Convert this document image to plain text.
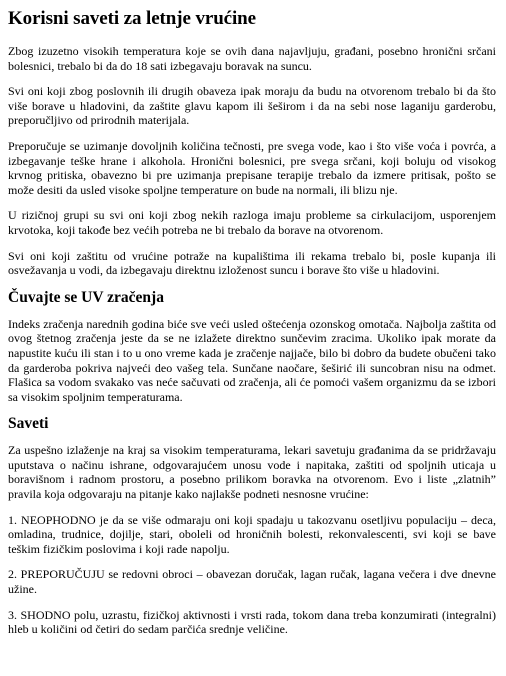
Korisni saveti za letnje vrućine

Zbog izuzetno visokih temperatura koje se ovih dana najavljuju, građani, posebno hronični srčani bolesnici, trebalo bi da do 18 sati izbegavaju boravak na suncu.

Svi oni koji zbog poslovnih ili drugih obaveza ipak moraju da budu na otvorenom trebalo bi da što više borave u hladovini, da zaštite glavu kapom ili šeširom i da na sebi nose laganiju garderobu, preporučljivo od prirodnih materijala.

Preporučuje se uzimanje dovoljnih količina tečnosti, pre svega vode, kao i što više voća i povrća, a izbegavanje teške hrane i alkohola. Hronični bolesnici, pre svega srčani, koji boluju od visokog krvnog pritiska, obavezno bi pre uzimanja prepisane terapije trebalo da izmere pritisak, pošto se može desiti da usled visoke spoljne temperature on bude na normali, ili blizu nje.

U rizičnoj grupi su svi oni koji zbog nekih razloga imaju probleme sa cirkulacijom, usporenjem krvotoka, koji takođe bez većih potreba ne bi trebalo da borave na otvorenom.

Svi oni koji zaštitu od vrućine potraže na kupalištima ili rekama trebalo bi, posle kupanja ili osvežavanja u vodi, da izbegavaju direktnu izloženost suncu i borave što više u hladovini.

Čuvajte se UV zračenja

Indeks zračenja narednih godina biće sve veći usled oštećenja ozonskog omotača. Najbolja zaštita od ovog štetnog zračenja jeste da se ne izlažete direktno sunčevim zracima. Ukoliko ipak morate da napustite kuću ili stan i to u ono vreme kada je zračenje najjače, bilo bi dobro da budete obučeni tako da garderoba pokriva najveći deo vašeg tela. Sunčane naočare, šeširić ili suncobran nisu na odmet. Flašica sa vodom svakako vas neće sačuvati od zračenja, ali će pomoći vašem organizmu da se izbori sa visokim spoljnim temperaturama.

Saveti

Za uspešno izlaženje na kraj sa visokim temperaturama, lekari savetuju građanima da se pridržavaju uputstava o načinu ishrane, odgovarajućem unosu vode i napitaka, zaštiti od spoljnih uticaja u boravišnom i radnom prostoru, a posebno prilikom boravka na otvorenom. Evo i liste „zlatnih” pravila koja odgovaraju na pitanje kako najlakše podneti nesnosne vrućine:

1. NEOPHODNO je da se više odmaraju oni koji spadaju u takozvanu osetljivu populaciju – deca, omladina, trudnice, dojilje, stari, oboleli od hroničnih bolesti, rekonvalescenti, svi koji se bave teškim fizičkim poslovima i koji rade napolju.

2. PREPORUČUJU se redovni obroci – obavezan doručak, lagan ručak, lagana večera i dve dnevne užine.

3. SHODNO polu, uzrastu, fizičkoj aktivnosti i vrsti rada, tokom dana treba konzumirati (integralni) hleb u količini od četiri do sedam parčića srednje veličine.
